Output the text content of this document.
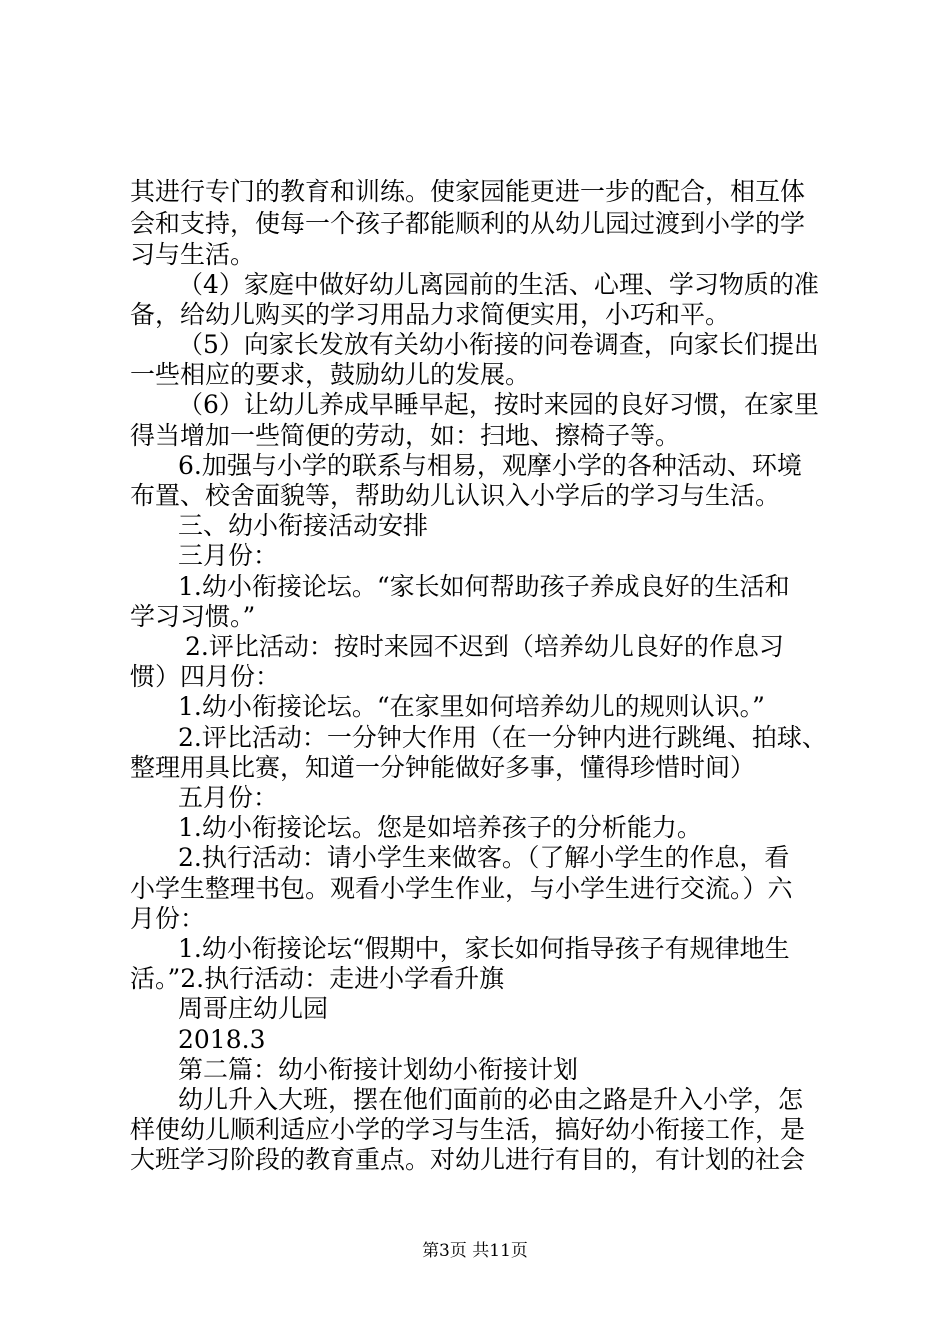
其进行专门的教育和训练。使家园能更进一步的配合，相互体
会和支持，使每一个孩子都能顺利的从幼儿园过渡到小学的学
习与生活。
（4）家庭中做好幼儿离园前的生活、心理、学习物质的准
备，给幼儿购买的学习用品力求简便实用，小巧和平。
（5）向家长发放有关幼小衔接的问卷调查，向家长们提出
一些相应的要求，鼓励幼儿的发展。
（6）让幼儿养成早睡早起，按时来园的良好习惯，在家里
得当增加一些简便的劳动，如：扫地、擦椅子等。
6.加强与小学的联系与相易，观摩小学的各种活动、环境
布置、校舍面貌等，帮助幼儿认识入小学后的学习与生活。
三、幼小衔接活动安排
三月份：
1.幼小衔接论坛。“家长如何帮助孩子养成良好的生活和
学习习惯。”
2.评比活动：按时来园不迟到（培养幼儿良好的作息习
惯）四月份：
1.幼小衔接论坛。“在家里如何培养幼儿的规则认识。”
2.评比活动：一分钟大作用（在一分钟内进行跳绳、拍球、
整理用具比赛，知道一分钟能做好多事，懂得珍惜时间）
五月份：
1.幼小衔接论坛。您是如培养孩子的分析能力。
2.执行活动：请小学生来做客。（了解小学生的作息，看
小学生整理书包。观看小学生作业，与小学生进行交流。）六
月份：
1.幼小衔接论坛“假期中，家长如何指导孩子有规律地生
活。”2.执行活动：走进小学看升旗
周哥庄幼儿园
2018.3
第二篇：幼小衔接计划幼小衔接计划
幼儿升入大班，摆在他们面前的必由之路是升入小学，怎
样使幼儿顺利适应小学的学习与生活，搞好幼小衔接工作，是
大班学习阶段的教育重点。对幼儿进行有目的，有计划的社会
第3页 共11页
